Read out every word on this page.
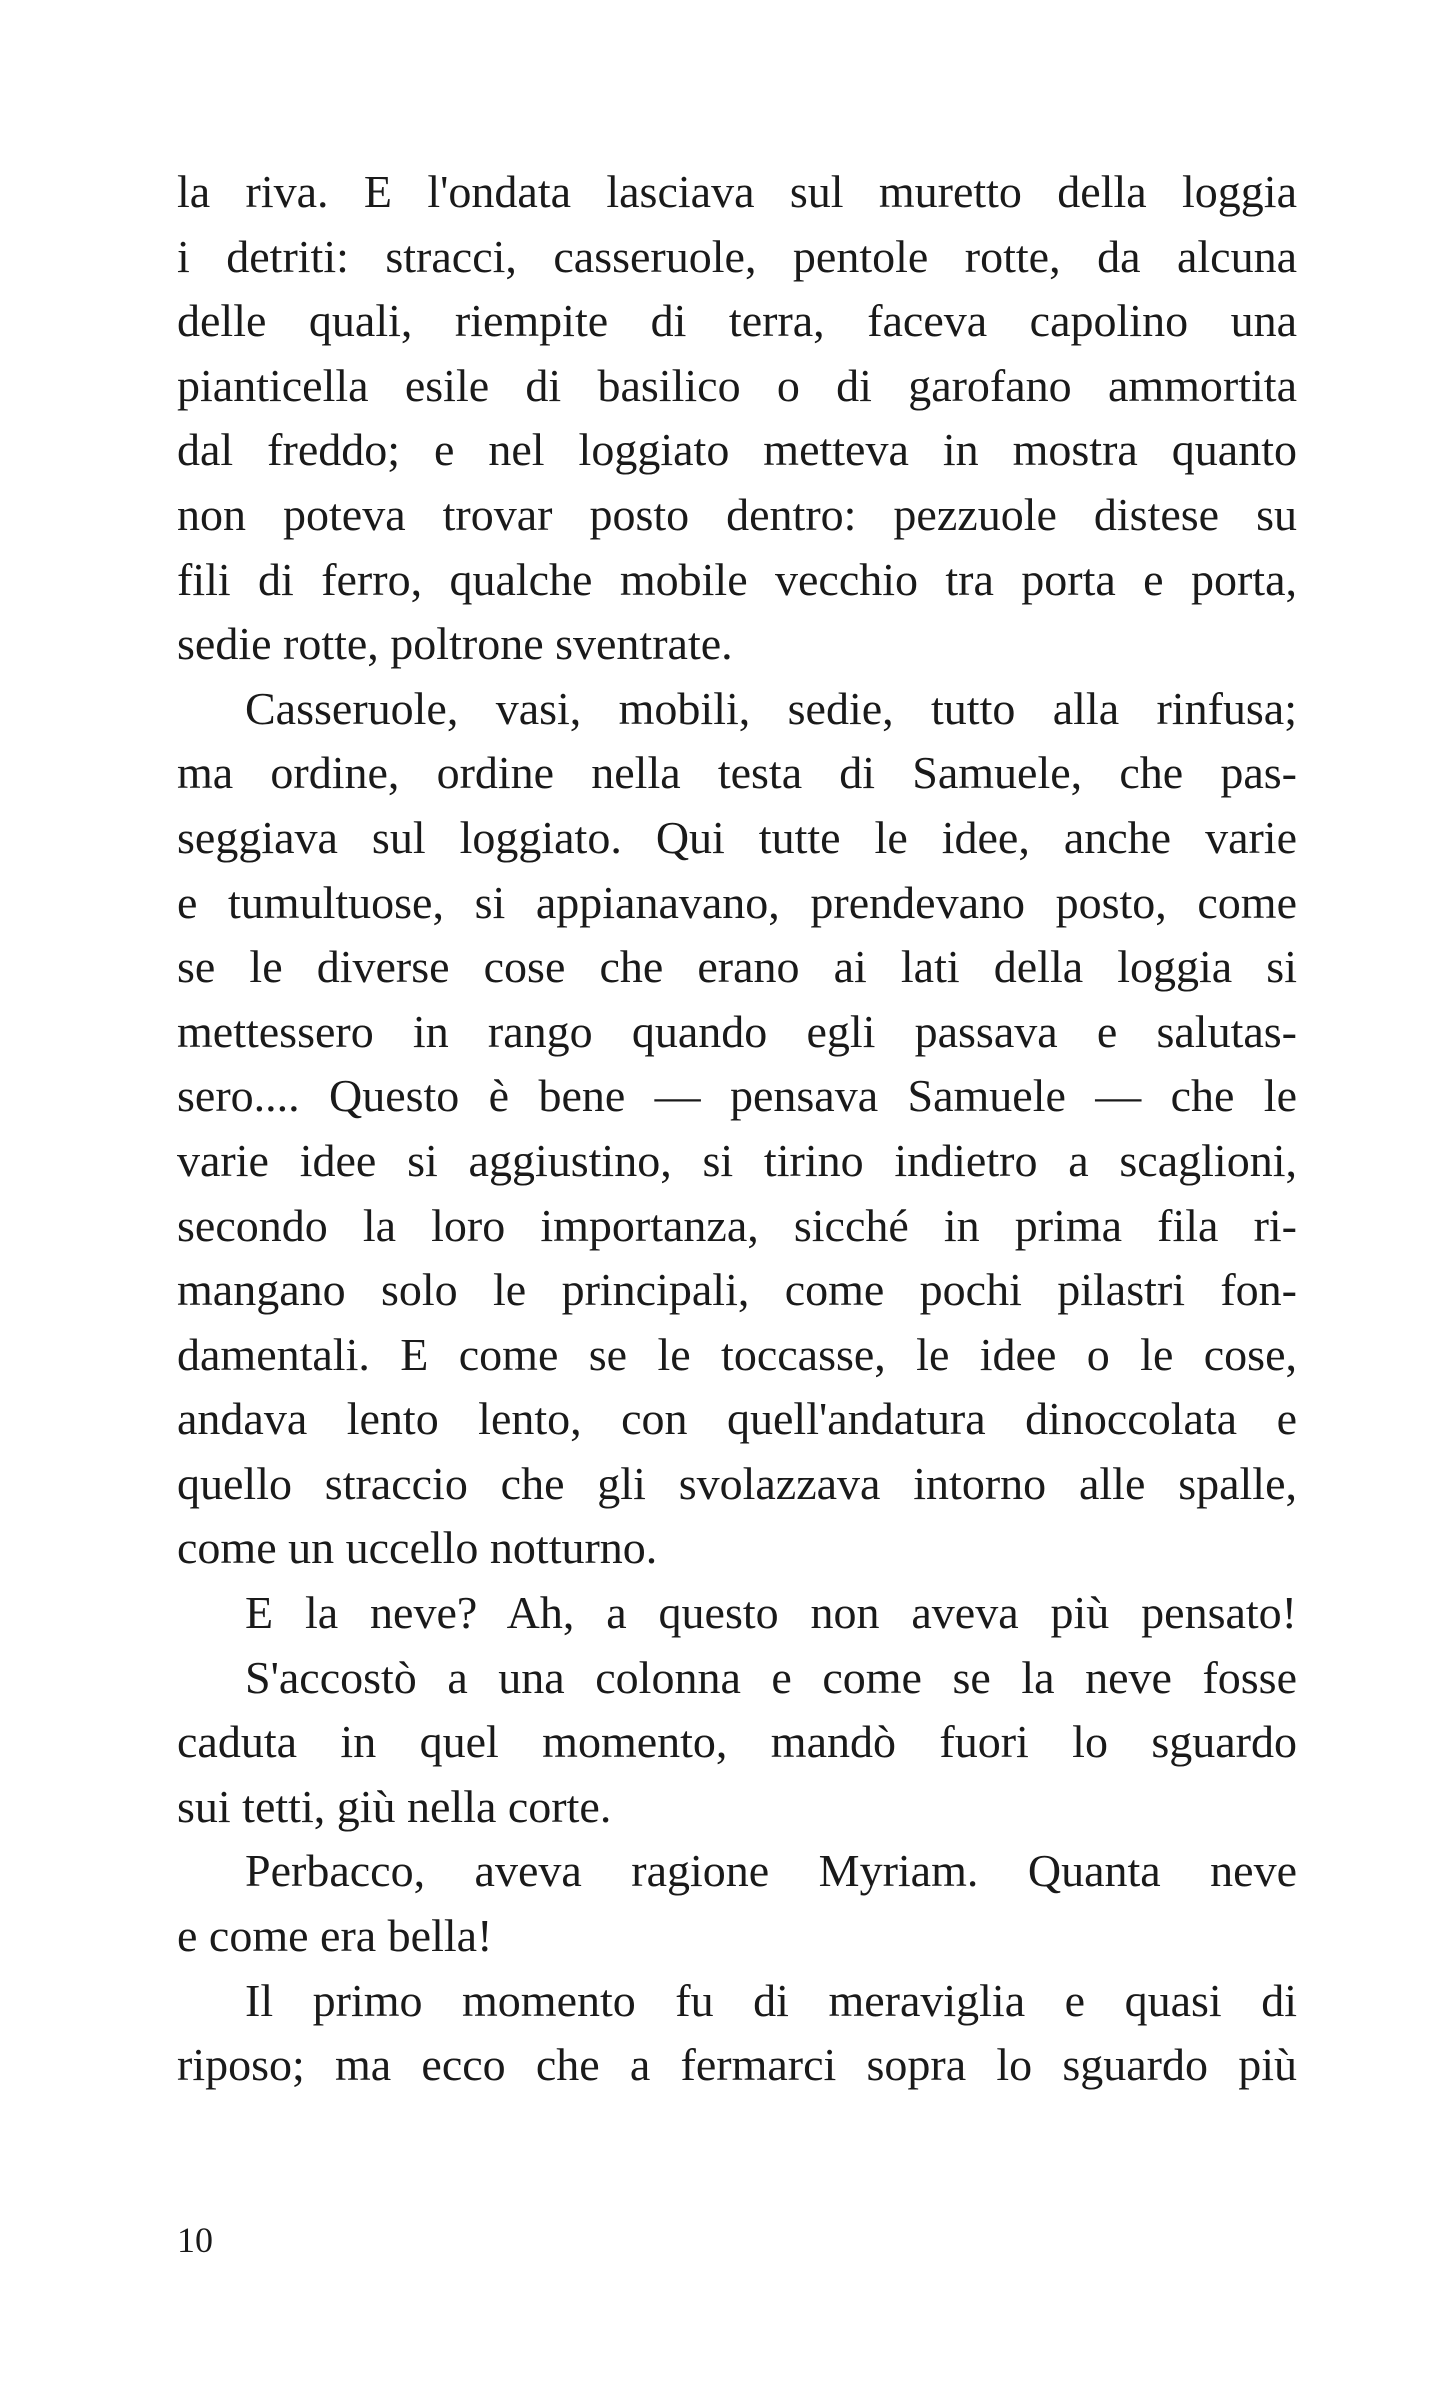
la riva. E l'ondata lasciava sul muretto della loggia
i detriti: stracci, casseruole, pentole rotte, da alcuna
delle quali, riempite di terra, faceva capolino una
pianticella esile di basilico o di garofano ammortita
dal freddo; e nel loggiato metteva in mostra quanto
non poteva trovar posto dentro: pezzuole distese su
fili di ferro, qualche mobile vecchio tra porta e porta,
sedie rotte, poltrone sventrate.
Casseruole, vasi, mobili, sedie, tutto alla rinfusa;
ma ordine, ordine nella testa di Samuele, che pas-
seggiava sul loggiato. Qui tutte le idee, anche varie
e tumultuose, si appianavano, prendevano posto, come
se le diverse cose che erano ai lati della loggia si
mettessero in rango quando egli passava e salutas-
sero.... Questo è bene — pensava Samuele — che le
varie idee si aggiustino, si tirino indietro a scaglioni,
secondo la loro importanza, sicché in prima fila ri-
mangano solo le principali, come pochi pilastri fon-
damentali. E come se le toccasse, le idee o le cose,
andava lento lento, con quell'andatura dinoccolata e
quello straccio che gli svolazzava intorno alle spalle,
come un uccello notturno.
E la neve? Ah, a questo non aveva più pensato!
S'accostò a una colonna e come se la neve fosse
caduta in quel momento, mandò fuori lo sguardo
sui tetti, giù nella corte.
Perbacco, aveva ragione Myriam. Quanta neve
e come era bella!
Il primo momento fu di meraviglia e quasi di
riposo; ma ecco che a fermarci sopra lo sguardo più
10
